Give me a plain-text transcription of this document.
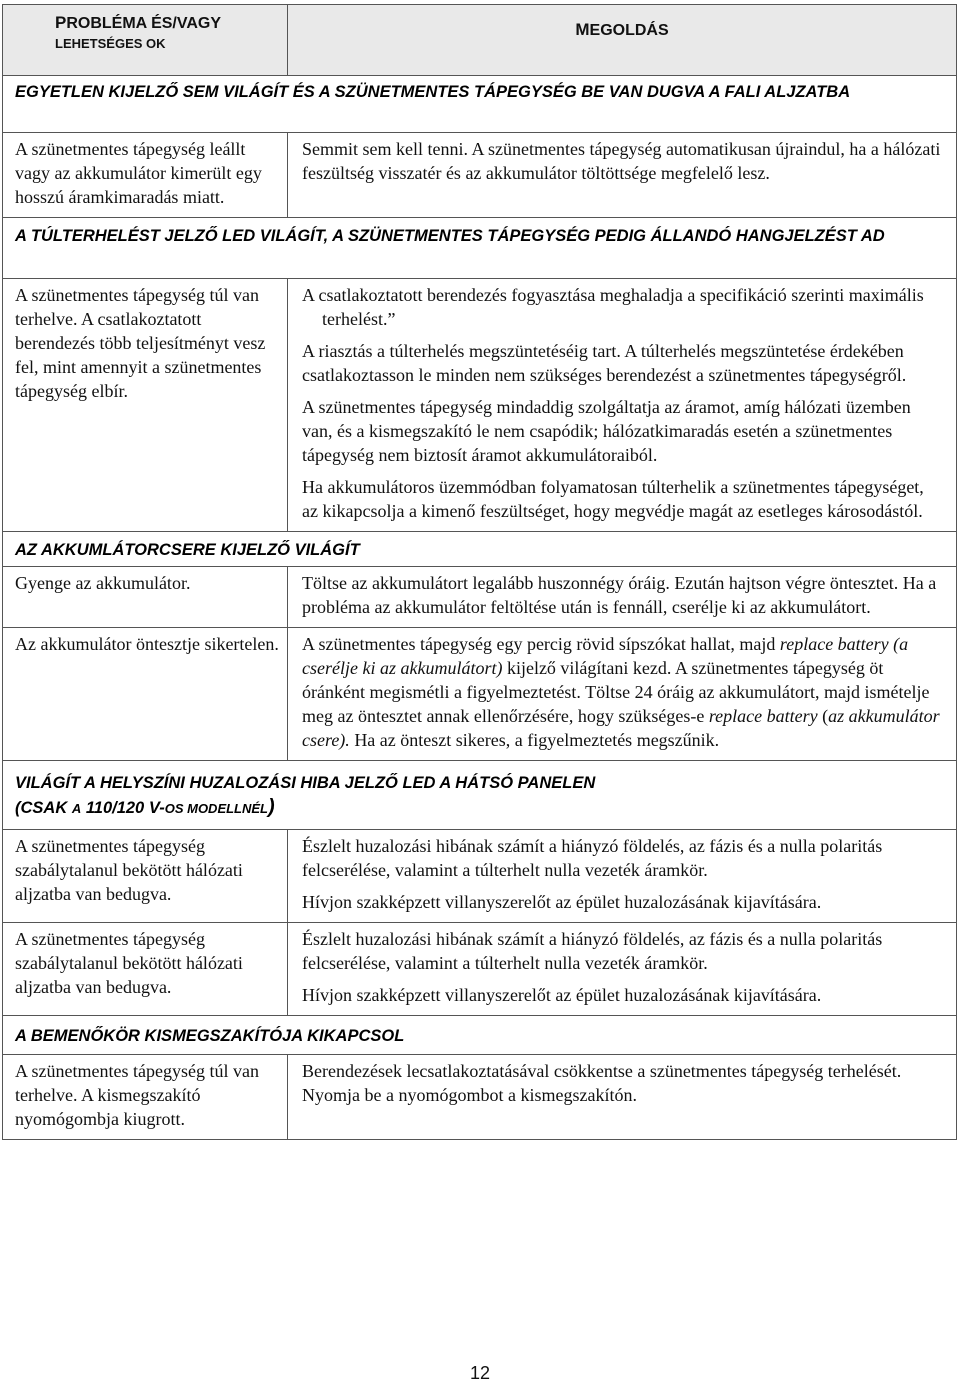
PROBLÉMA ÉS/VAGY
LEHETSÉGES OK	MEGOLDÁS
EGYETLEN KIJELZŐ SEM VILÁGÍT ÉS A SZÜNETMENTES TÁPEGYSÉG BE VAN DUGVA A FALI ALJZATBA	
A szünetmentes tápegység leállt vagy az akkumulátor kimerült egy hosszú áramkimaradás miatt.	Semmit sem kell tenni. A szünetmentes tápegység automatikusan újraindul, ha a hálózati feszültség visszatér és az akkumulátor töltöttsége megfelelő lesz.
A TÚLTERHELÉST JELZŐ LED VILÁGÍT, A SZÜNETMENTES TÁPEGYSÉG PEDIG ÁLLANDÓ HANGJELZÉST AD	
A szünetmentes tápegység túl van terhelve. A csatlakoztatott berendezés több teljesítményt vesz fel, mint amennyit a szünetmentes tápegység elbír.	A csatlakoztatott berendezés fogyasztása meghaladja a specifikáció szerinti maximális terhelést.”

A riasztás a túlterhelés megszüntetéséig tart. A túlterhelés megszüntetése érdekében csatlakoztasson le minden nem szükséges berendezést a szünetmentes tápegységről.

A szünetmentes tápegység mindaddig szolgáltatja az áramot, amíg hálózati üzemben van, és a kismegszakító le nem csapódik; hálózatkimaradás esetén a szünetmentes tápegység nem biztosít áramot akkumulátoraiból.

Ha akkumulátoros üzemmódban folyamatosan túlterhelik a szünetmentes tápegységet, az kikapcsolja a kimenő feszültséget, hogy megvédje magát az esetleges károsodástól.

AZ AKKUMLÁTORCSERE KIJELZŐ VILÁGÍT	
Gyenge az akkumulátor.	Töltse az akkumulátort legalább huszonnégy óráig. Ezután hajtson végre öntesztet. Ha a probléma az akkumulátor feltöltése után is fennáll, cserélje ki az akkumulátort.
Az akkumulátor öntesztje sikertelen.	A szünetmentes tápegység egy percig rövid sípszókat hallat, majd replace battery (a cserélje ki az akkumulátort) kijelző világítani kezd. A szünetmentes tápegység öt óránként megismétli a figyelmeztetést. Töltse 24 óráig az akkumulátort, majd ismételje meg az öntesztet annak ellenőrzésére, hogy szükséges-e replace battery (az akkumulátor csere). Ha az önteszt sikeres, a figyelmeztetés megszűnik.
VILÁGÍT A HELYSZÍNI HUZALOZÁSI HIBA JELZŐ LED A HÁTSÓ PANELEN
(CSAK A 110/120 V-OS MODELLNÉL)	
A szünetmentes tápegység szabálytalanul bekötött hálózati aljzatba van bedugva.	Észlelt huzalozási hibának számít a hiányzó földelés, az fázis és a nulla polaritás felcserélése, valamint a túlterhelt nulla vezeték áramkör.

Hívjon szakképzett villanyszerelőt az épület huzalozásának kijavítására.

A szünetmentes tápegység szabálytalanul bekötött hálózati aljzatba van bedugva.	Észlelt huzalozási hibának számít a hiányzó földelés, az fázis és a nulla polaritás felcserélése, valamint a túlterhelt nulla vezeték áramkör.

Hívjon szakképzett villanyszerelőt az épület huzalozásának kijavítására.

A BEMENŐKÖR KISMEGSZAKÍTÓJA KIKAPCSOL	
A szünetmentes tápegység túl van terhelve. A kismegszakító nyomógombja kiugrott.	Berendezések lecsatlakoztatásával csökkentse a szünetmentes tápegység terhelését. Nyomja be a nyomógombot a kismegszakítón.
12
